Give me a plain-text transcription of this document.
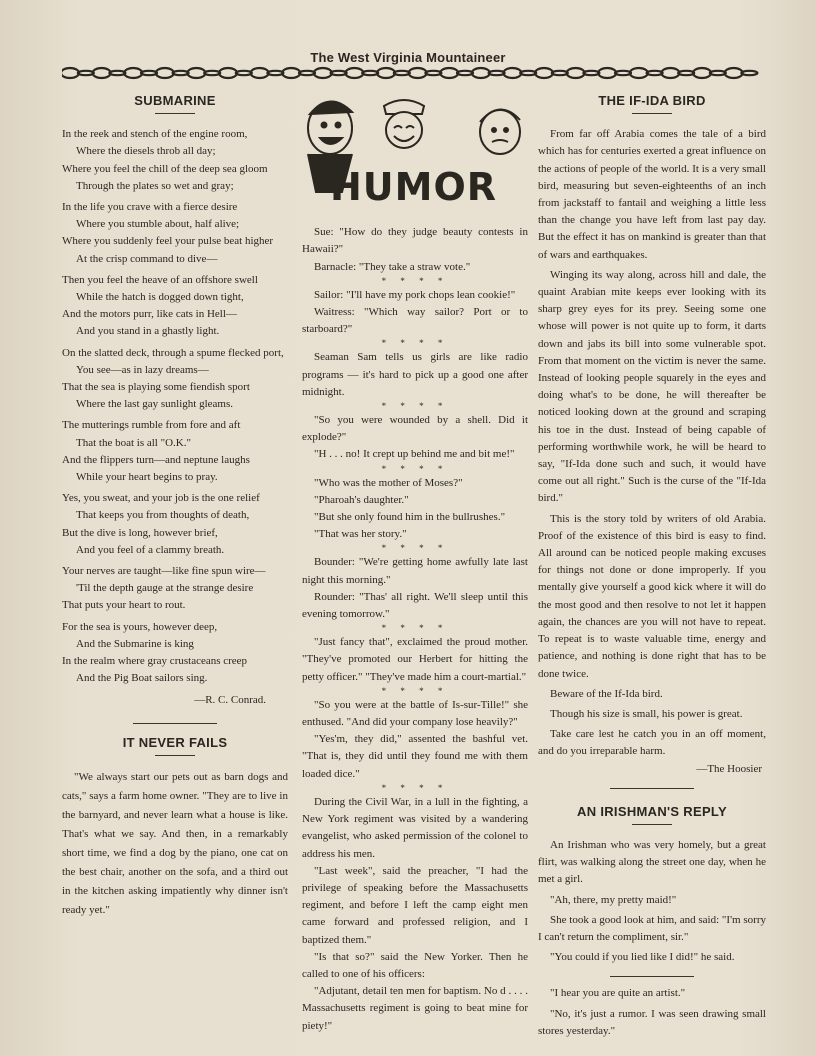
The West Virginia Mountaineer
SUBMARINE
In the reek and stench of the engine room,
Where the diesels throb all day;
Where you feel the chill of the deep sea gloom
Through the plates so wet and gray;
In the life you crave with a fierce desire
Where you stumble about, half alive;
Where you suddenly feel your pulse beat higher
At the crisp command to dive—
Then you feel the heave of an offshore swell
While the hatch is dogged down tight,
And the motors purr, like cats in Hell—
And you stand in a ghastly light.
On the slatted deck, through a spume flecked port,
You see—as in lazy dreams—
That the sea is playing some fiendish sport
Where the last gay sunlight gleams.
The mutterings rumble from fore and aft
That the boat is all "O.K."
And the flippers turn—and neptune laughs
While your heart begins to pray.
Yes, you sweat, and your job is the one relief
That keeps you from thoughts of death,
But the dive is long, however brief,
And you feel of a clammy breath.
Your nerves are taught—like fine spun wire—
'Til the depth gauge at the strange desire
That puts your heart to rout.
For the sea is yours, however deep,
And the Submarine is king
In the realm where gray crustaceans creep
And the Pig Boat sailors sing.
—R. C. Conrad.
IT NEVER FAILS

"We always start our pets out as barn dogs and cats," says a farm home owner. "They are to live in the barnyard, and never learn what a house is like. That's what we say. And then, in a remarkably short time, we find a dog by the piano, one cat on the best chair, another on the sofa, and a third out in the kitchen asking impatiently why dinner isn't ready yet."

HUMOR

Sue: "How do they judge beauty contests in Hawaii?"

Barnacle: "They take a straw vote."

* * * *

Sailor: "I'll have my pork chops lean cookie!"

Waitress: "Which way sailor? Port or to starboard?"

* * * *

Seaman Sam tells us girls are like radio programs — it's hard to pick up a good one after midnight.

* * * *

"So you were wounded by a shell. Did it explode?"

"H . . . no! It crept up behind me and bit me!"

* * * *

"Who was the mother of Moses?"

"Pharoah's daughter."

"But she only found him in the bullrushes."

"That was her story."

* * * *

Bounder: "We're getting home awfully late last night this morning."

Rounder: "Thas' all right. We'll sleep until this evening tomorrow."

* * * *

"Just fancy that", exclaimed the proud mother. "They've promoted our Herbert for hitting the petty officer." "They've made him a court-martial."

* * * *

"So you were at the battle of Is-sur-Tille!" she enthused. "And did your company lose heavily?"

"Yes'm, they did," assented the bashful vet. "That is, they did until they found me with them loaded dice."

* * * *

During the Civil War, in a lull in the fighting, a New York regiment was visited by a wandering evangelist, who asked permission of the colonel to address his men.

"Last week", said the preacher, "I had the privilege of speaking before the Massachusetts regiment, and before I left the camp eight men came forward and professed religion, and I baptized them."

"Is that so?" said the New Yorker. Then he called to one of his officers:

"Adjutant, detail ten men for baptism. No d . . . . Massachusetts regiment is going to beat mine for piety!"

THE IF-IDA BIRD

From far off Arabia comes the tale of a bird which has for centuries exerted a great influence on the actions of people of the world. It is a very small bird, measuring but seven-eighteenths of an inch from jackstaff to fantail and weighing a little less than the change you have left from last pay day. But the effect it has on mankind is greater than that of wars and earthquakes.

Winging its way along, across hill and dale, the quaint Arabian mite keeps ever looking with its sharp grey eyes for its prey. Seeing some one whose will power is not quite up to form, it darts down and jabs its bill into some vulnerable spot. From that moment on the victim is never the same. Instead of looking people squarely in the eyes and doing what's to be done, he will thereafter be noticed looking down at the ground and scraping his toe in the dust. Instead of being capable of performing worthwhile work, he will be heard to say, "If-Ida done such and such, it would have come out all right." Such is the curse of the "If-Ida bird."

This is the story told by writers of old Arabia. Proof of the existence of this bird is easy to find. All around can be noticed people making excuses for things not done or done improperly. If you mentally give yourself a good kick where it will do the most good and then resolve to not let it happen again, the chances are you will not have to repeat. To repeat is to waste valuable time, energy and patience, and nothing is done right that has to be done twice.

Beware of the If-Ida bird.

Though his size is small, his power is great.

Take care lest he catch you in an off moment, and do you irreparable harm.

—The Hoosier

AN IRISHMAN'S REPLY

An Irishman who was very homely, but a great flirt, was walking along the street one day, when he met a girl.

"Ah, there, my pretty maid!"

She took a good look at him, and said: "I'm sorry I can't return the compliment, sir."

"You could if you lied like I did!" he said.

"I hear you are quite an artist."

"No, it's just a rumor. I was seen drawing small stores yesterday."
